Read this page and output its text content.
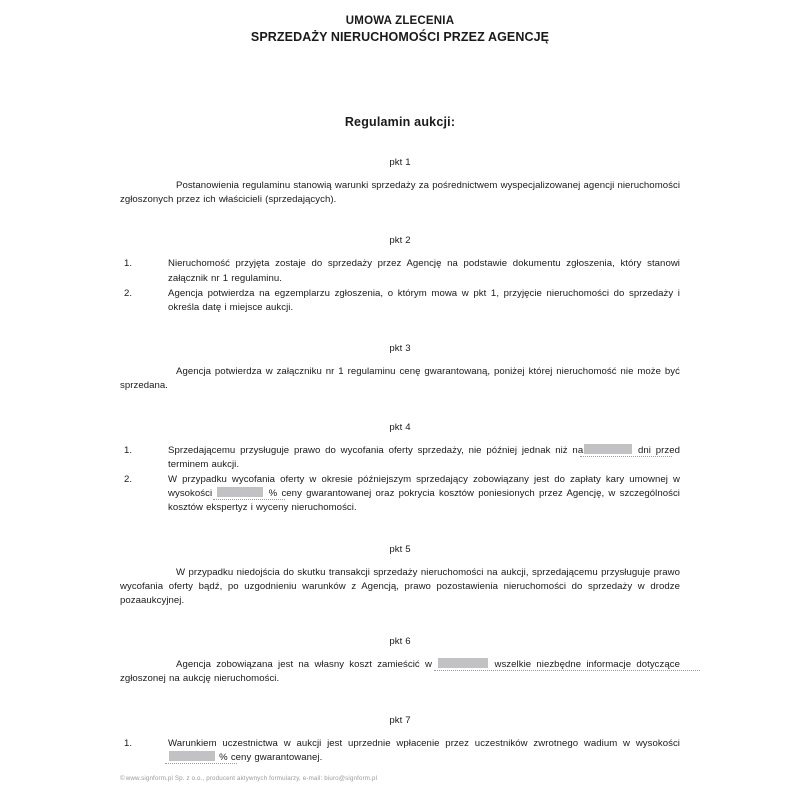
UMOWA ZLECENIA
SPRZEDAŻY NIERUCHOMOŚCI PRZEZ AGENCJĘ
Regulamin aukcji:

pkt 1

Postanowienia regulaminu stanowią warunki sprzedaży za pośrednictwem wyspecjalizowanej agencji nieruchomości zgłoszonych przez ich właścicieli (sprzedających).

pkt 2

1.	Nieruchomość przyjęta zostaje do sprzedaży przez Agencję na podstawie dokumentu zgłoszenia, który stanowi załącznik nr 1 regulaminu.
2.	Agencja potwierdza na egzemplarzu zgłoszenia, o którym mowa w pkt 1, przyjęcie nieruchomości do sprzedaży i określa datę i miejsce aukcji.

pkt 3

Agencja potwierdza w załączniku nr 1 regulaminu cenę gwarantowaną, poniżej której nieruchomość nie może być sprzedana.

pkt 4

1.	Sprzedającemu przysługuje prawo do wycofania oferty sprzedaży, nie później jednak niż na	dni przed terminem aukcji.
2.	W przypadku wycofania oferty w okresie późniejszym sprzedający zobowiązany jest do zapłaty kary umownej w wysokości	% ceny gwarantowanej oraz pokrycia kosztów poniesionych przez Agencję, w szczególności kosztów ekspertyz i wyceny nieruchomości.

pkt 5

W przypadku niedojścia do skutku transakcji sprzedaży nieruchomości na aukcji, sprzedającemu przysługuje prawo wycofania oferty bądź, po uzgodnieniu warunków z Agencją, prawo pozostawienia nieruchomości do sprzedaży w drodze pozaaukcyjnej.

pkt 6

Agencja zobowiązana jest na własny koszt zamieścić w	wszelkie niezbędne informacje dotyczące zgłoszonej na aukcję nieruchomości.

pkt 7

1.	Warunkiem uczestnictwa w aukcji jest uprzednie wpłacenie przez uczestników zwrotnego wadium w wysokości  % ceny gwarantowanej.
©www.signform.pl Sp. z o.o., producent aktywnych formularzy, e-mail: biuro@signform.pl
